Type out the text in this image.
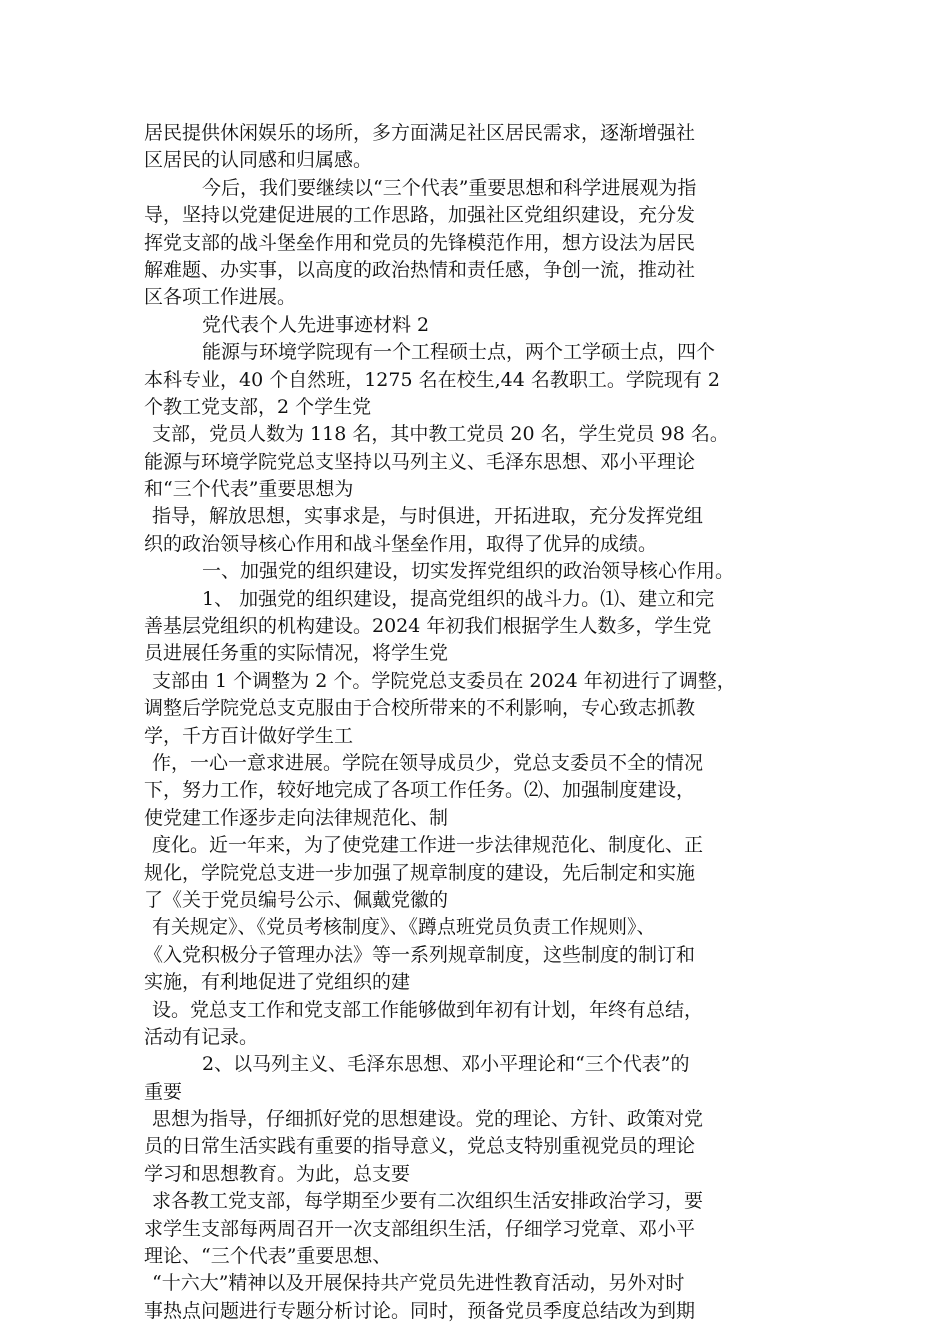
居民提供休闲娱乐的场所，多方面满足社区居民需求，逐渐增强社
区居民的认同感和归属感。
今后，我们要继续以“三个代表”重要思想和科学进展观为指
导，坚持以党建促进展的工作思路，加强社区党组织建设，充分发
挥党支部的战斗堡垒作用和党员的先锋模范作用，想方设法为居民
解难题、办实事，以高度的政治热情和责任感，争创一流，推动社
区各项工作进展。
党代表个人先进事迹材料 2
能源与环境学院现有一个工程硕士点，两个工学硕士点，四个
本科专业，40 个自然班，1275 名在校生,44 名教职工。学院现有 2
个教工党支部，2 个学生党
支部，党员人数为 118 名，其中教工党员 20 名，学生党员 98 名。
能源与环境学院党总支坚持以马列主义、毛泽东思想、邓小平理论
和“三个代表”重要思想为
指导，解放思想，实事求是，与时俱进，开拓进取，充分发挥党组
织的政治领导核心作用和战斗堡垒作用，取得了优异的成绩。
一、加强党的组织建设，切实发挥党组织的政治领导核心作用。
1、 加强党的组织建设，提高党组织的战斗力。⑴、建立和完
善基层党组织的机构建设。2024 年初我们根据学生人数多，学生党
员进展任务重的实际情况，将学生党
支部由 1 个调整为 2 个。学院党总支委员在 2024 年初进行了调整，
调整后学院党总支克服由于合校所带来的不利影响，专心致志抓教
学，千方百计做好学生工
作，一心一意求进展。学院在领导成员少，党总支委员不全的情况
下，努力工作，较好地完成了各项工作任务。⑵、加强制度建设，
使党建工作逐步走向法律规范化、制
度化。近一年来，为了使党建工作进一步法律规范化、制度化、正
规化，学院党总支进一步加强了规章制度的建设，先后制定和实施
了《关于党员编号公示、佩戴党徽的
有关规定》、《党员考核制度》、《蹲点班党员负责工作规则》、
《入党积极分子管理办法》等一系列规章制度，这些制度的制订和
实施，有利地促进了党组织的建
设。党总支工作和党支部工作能够做到年初有计划，年终有总结，
活动有记录。
2、以马列主义、毛泽东思想、邓小平理论和“三个代表”的
重要
思想为指导，仔细抓好党的思想建设。党的理论、方针、政策对党
员的日常生活实践有重要的指导意义，党总支特别重视党员的理论
学习和思想教育。为此，总支要
求各教工党支部，每学期至少要有二次组织生活安排政治学习，要
求学生支部每两周召开一次支部组织生活，仔细学习党章、邓小平
理论、“三个代表”重要思想、
“十六大”精神以及开展保持共产党员先进性教育活动，另外对时
事热点问题进行专题分析讨论。同时，预备党员季度总结改为到期
